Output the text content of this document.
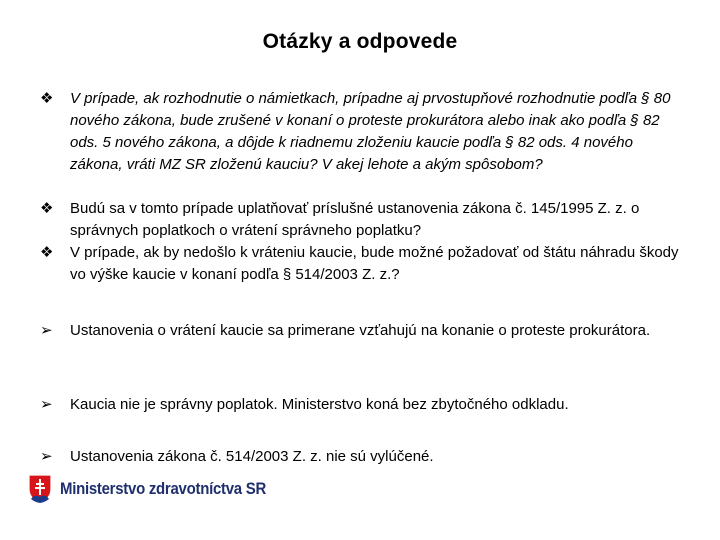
Otázky a odpovede
❖	V prípade, ak rozhodnutie o námietkach, prípadne aj prvostupňové rozhodnutie podľa § 80 nového zákona, bude zrušené v konaní o proteste prokurátora alebo inak ako podľa § 82 ods. 5 nového zákona, a dôjde k riadnemu zloženiu kaucie podľa § 82 ods. 4 nového zákona, vráti MZ SR zloženú kauciu? V akej lehote a akým spôsobom?
❖	Budú sa v tomto prípade uplatňovať príslušné ustanovenia zákona č. 145/1995 Z. z. o správnych poplatkoch o vrátení správneho poplatku?
❖	V prípade, ak by nedošlo k vráteniu kaucie, bude možné požadovať od štátu náhradu škody vo výške kaucie v konaní podľa § 514/2003 Z. z.?
➢	Ustanovenia o vrátení kaucie sa primerane vzťahujú na konanie o proteste prokurátora.
➢	Kaucia nie je správny poplatok. Ministerstvo koná bez zbytočného odkladu.
➢	Ustanovenia zákona č. 514/2003 Z. z. nie sú vylúčené.
Ministerstvo zdravotníctva SR
